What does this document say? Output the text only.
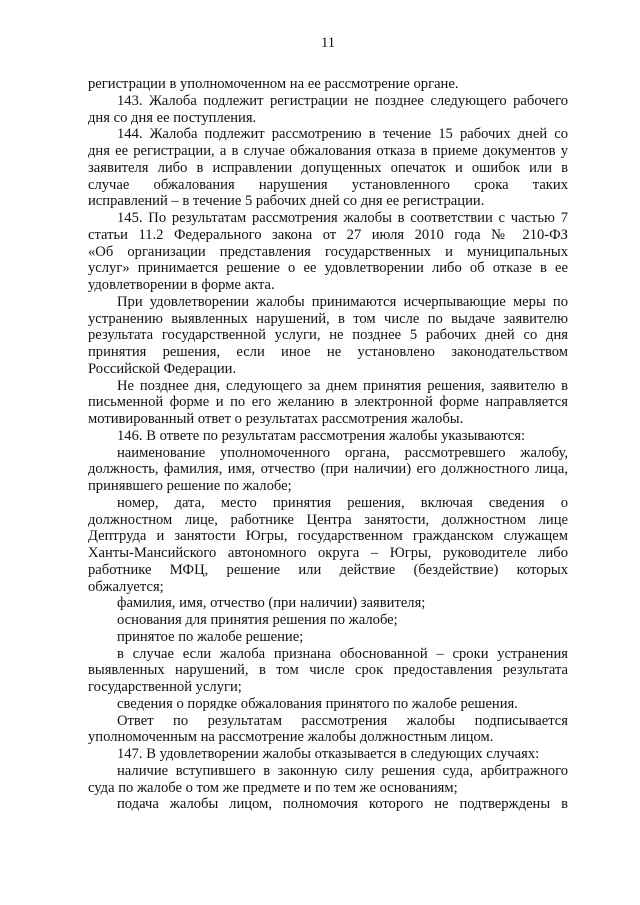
11
регистрации в уполномоченном на ее рассмотрение органе.
143. Жалоба подлежит регистрации не позднее следующего рабочего
дня со дня ее поступления.
144. Жалоба подлежит рассмотрению в течение 15 рабочих дней со
дня ее регистрации, а в случае обжалования отказа в приеме документов у
заявителя либо в исправлении допущенных опечаток и ошибок или в
случае обжалования нарушения установленного срока таких
исправлений – в течение 5 рабочих дней со дня ее регистрации.
145. По результатам рассмотрения жалобы в соответствии с частью 7
статьи 11.2 Федерального закона от 27 июля 2010 года № 210-ФЗ
«Об организации представления государственных и муниципальных
услуг» принимается решение о ее удовлетворении либо об отказе в ее
удовлетворении в форме акта.
При удовлетворении жалобы принимаются исчерпывающие меры по
устранению выявленных нарушений, в том числе по выдаче заявителю
результата государственной услуги, не позднее 5 рабочих дней со дня
принятия решения, если иное не установлено законодательством
Российской Федерации.
Не позднее дня, следующего за днем принятия решения, заявителю в
письменной форме и по его желанию в электронной форме направляется
мотивированный ответ о результатах рассмотрения жалобы.
146. В ответе по результатам рассмотрения жалобы указываются:
наименование уполномоченного органа, рассмотревшего жалобу,
должность, фамилия, имя, отчество (при наличии) его должностного лица,
принявшего решение по жалобе;
номер, дата, место принятия решения, включая сведения о
должностном лице, работнике Центра занятости, должностном лице
Дептруда и занятости Югры, государственном гражданском служащем
Ханты-Мансийского автономного округа – Югры, руководителе либо
работнике МФЦ, решение или действие (бездействие) которых
обжалуется;
фамилия, имя, отчество (при наличии) заявителя;
основания для принятия решения по жалобе;
принятое по жалобе решение;
в случае если жалоба признана обоснованной – сроки устранения
выявленных нарушений, в том числе срок предоставления результата
государственной услуги;
сведения о порядке обжалования принятого по жалобе решения.
Ответ по результатам рассмотрения жалобы подписывается
уполномоченным на рассмотрение жалобы должностным лицом.
147. В удовлетворении жалобы отказывается в следующих случаях:
наличие вступившего в законную силу решения суда, арбитражного
суда по жалобе о том же предмете и по тем же основаниям;
подача жалобы лицом, полномочия которого не подтверждены в
